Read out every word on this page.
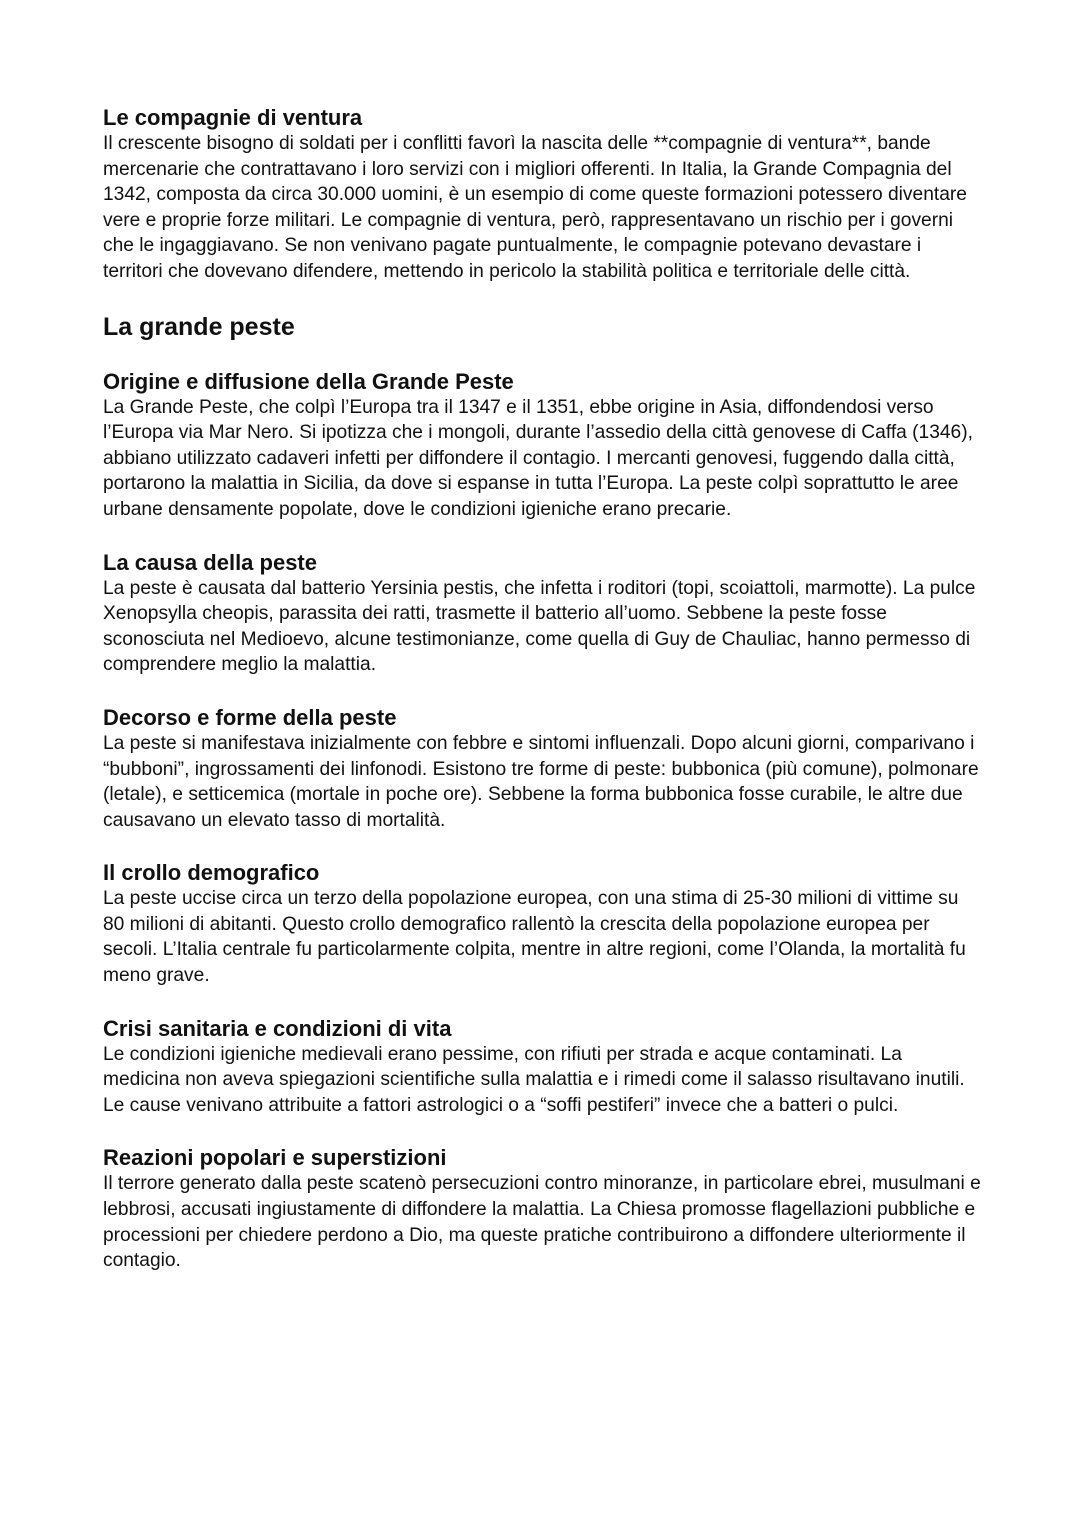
Le compagnie di ventura

Il crescente bisogno di soldati per i conflitti favorì la nascita delle **compagnie di ventura**, bande mercenarie che contrattavano i loro servizi con i migliori offerenti. In Italia, la Grande Compagnia del 1342, composta da circa 30.000 uomini, è un esempio di come queste formazioni potessero diventare vere e proprie forze militari. Le compagnie di ventura, però, rappresentavano un rischio per i governi che le ingaggiavano. Se non venivano pagate puntualmente, le compagnie potevano devastare i territori che dovevano difendere, mettendo in pericolo la stabilità politica e territoriale delle città.

La grande peste
Origine e diffusione della Grande Peste

La Grande Peste, che colpì l’Europa tra il 1347 e il 1351, ebbe origine in Asia, diffondendosi verso l’Europa via Mar Nero. Si ipotizza che i mongoli, durante l’assedio della città genovese di Caffa (1346), abbiano utilizzato cadaveri infetti per diffondere il contagio. I mercanti genovesi, fuggendo dalla città, portarono la malattia in Sicilia, da dove si espanse in tutta l’Europa. La peste colpì soprattutto le aree urbane densamente popolate, dove le condizioni igieniche erano precarie.

La causa della peste

La peste è causata dal batterio Yersinia pestis, che infetta i roditori (topi, scoiattoli, marmotte). La pulce Xenopsylla cheopis, parassita dei ratti, trasmette il batterio all’uomo. Sebbene la peste fosse sconosciuta nel Medioevo, alcune testimonianze, come quella di Guy de Chauliac, hanno permesso di comprendere meglio la malattia.

Decorso e forme della peste

La peste si manifestava inizialmente con febbre e sintomi influenzali. Dopo alcuni giorni, comparivano i “bubboni”, ingrossamenti dei linfonodi. Esistono tre forme di peste: bubbonica (più comune), polmonare (letale), e setticemica (mortale in poche ore). Sebbene la forma bubbonica fosse curabile, le altre due causavano un elevato tasso di mortalità.

Il crollo demografico

La peste uccise circa un terzo della popolazione europea, con una stima di 25-30 milioni di vittime su 80 milioni di abitanti. Questo crollo demografico rallentò la crescita della popolazione europea per secoli. L’Italia centrale fu particolarmente colpita, mentre in altre regioni, come l’Olanda, la mortalità fu meno grave.

Crisi sanitaria e condizioni di vita

Le condizioni igieniche medievali erano pessime, con rifiuti per strada e acque contaminati. La medicina non aveva spiegazioni scientifiche sulla malattia e i rimedi come il salasso risultavano inutili. Le cause venivano attribuite a fattori astrologici o a “soffi pestiferi” invece che a batteri o pulci.

Reazioni popolari e superstizioni

Il terrore generato dalla peste scatenò persecuzioni contro minoranze, in particolare ebrei, musulmani e lebbrosi, accusati ingiustamente di diffondere la malattia. La Chiesa promosse flagellazioni pubbliche e processioni per chiedere perdono a Dio, ma queste pratiche contribuirono a diffondere ulteriormente il contagio.
